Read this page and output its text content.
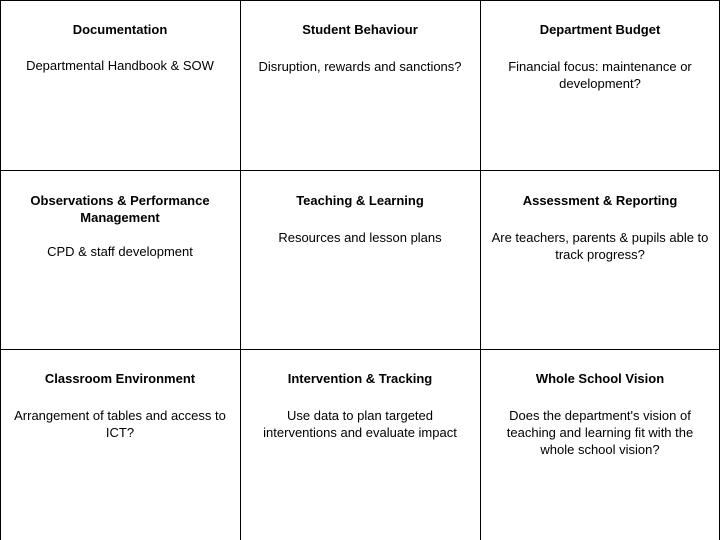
Documentation
Departmental Handbook & SOW
Student Behaviour
Disruption, rewards and sanctions?
Department Budget
Financial focus: maintenance or development?
Observations & Performance Management
CPD & staff development
Teaching & Learning
Resources and lesson plans
Assessment & Reporting
Are teachers, parents & pupils able to track progress?
Classroom Environment
Arrangement of tables and access to ICT?
Intervention & Tracking
Use data to plan targeted interventions and evaluate impact
Whole School Vision
Does the department's vision of teaching and learning fit with the whole school vision?
